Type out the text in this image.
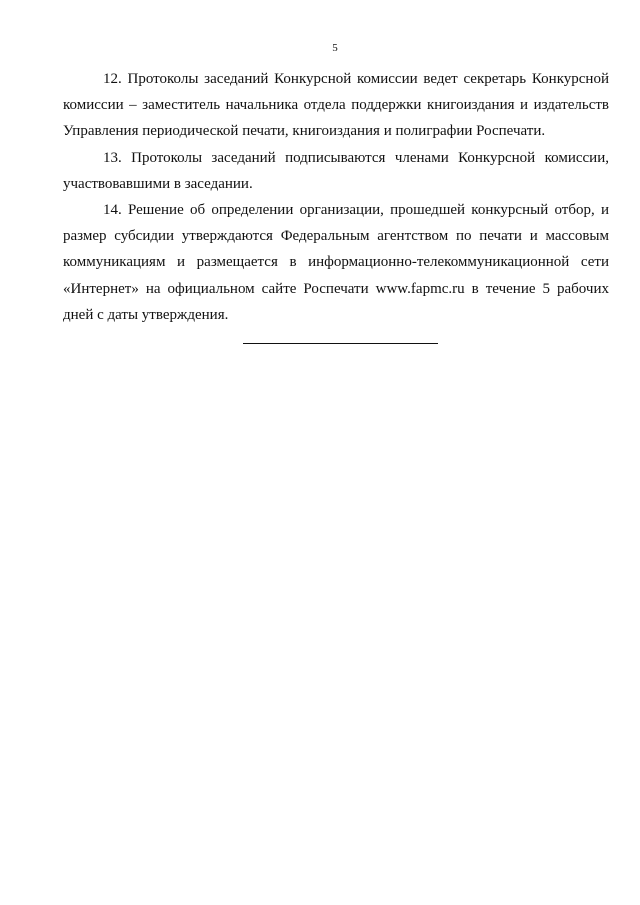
5

12. Протоколы заседаний Конкурсной комиссии ведет секретарь Конкурсной комиссии – заместитель начальника отдела поддержки книгоиздания и издательств Управления периодической печати, книгоиздания и полиграфии Роспечати.

13. Протоколы заседаний подписываются членами Конкурсной комиссии, участвовавшими в заседании.

14. Решение об определении организации, прошедшей конкурсный отбор, и размер субсидии утверждаются Федеральным агентством по печати и массовым коммуникациям и размещается в информационно-телекоммуникационной сети «Интернет» на официальном сайте Роспечати www.fapmc.ru в течение 5 рабочих дней с даты утверждения.
